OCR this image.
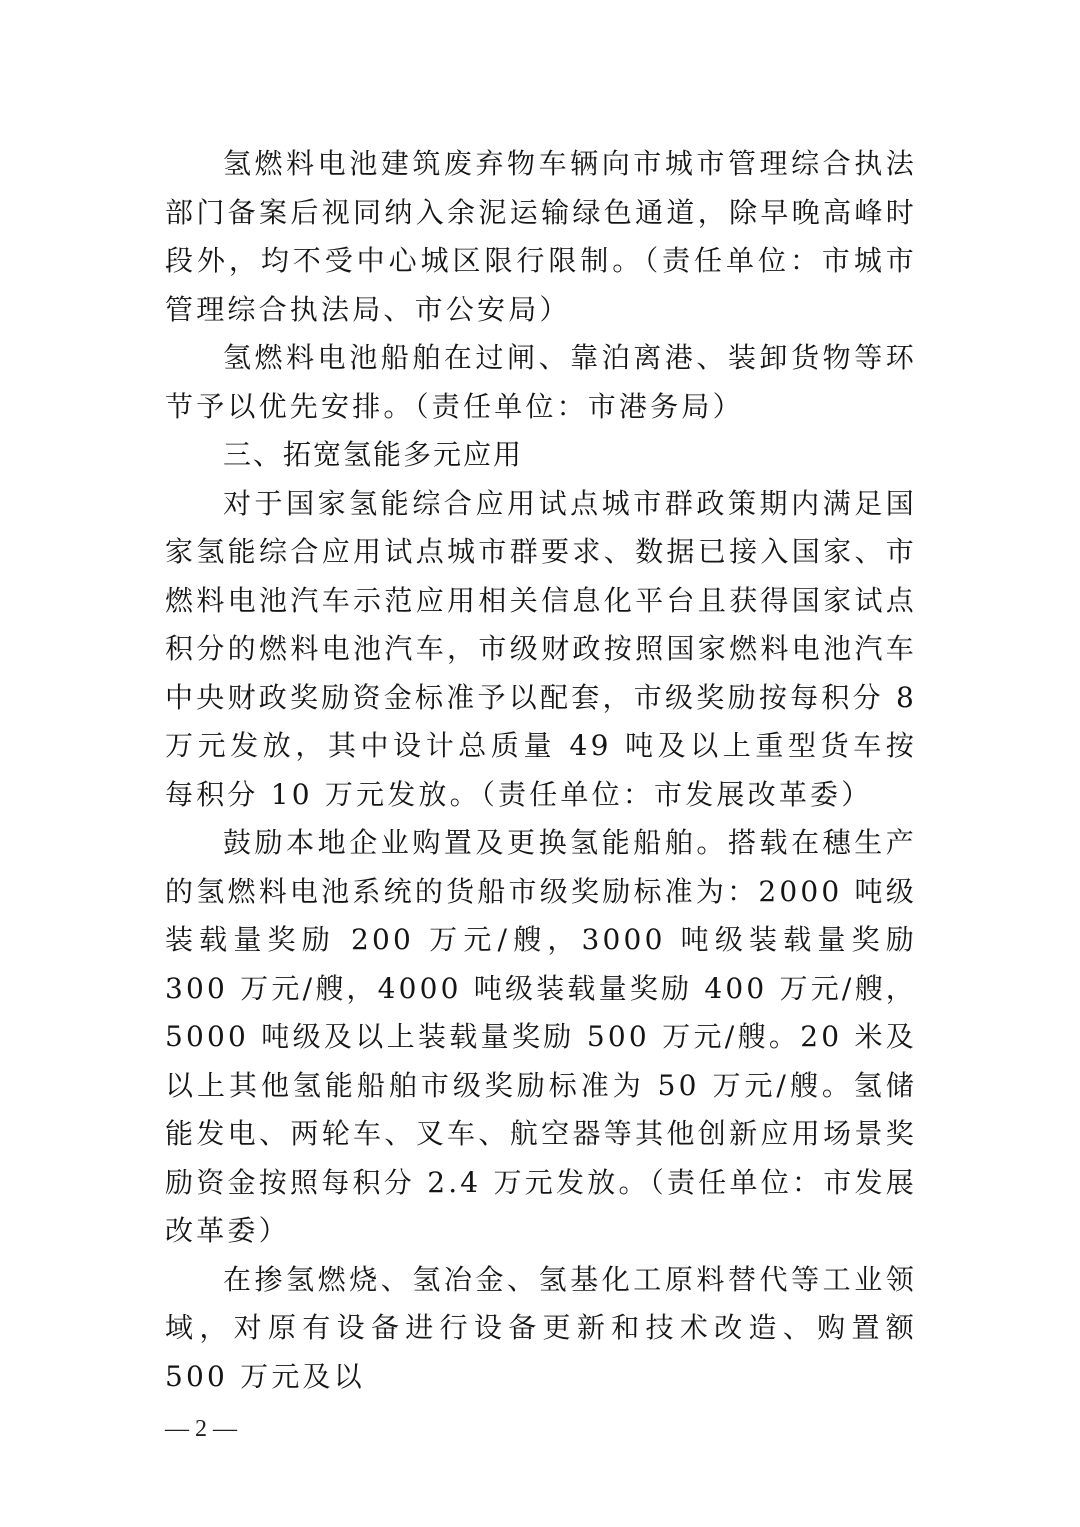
氢燃料电池建筑废弃物车辆向市城市管理综合执法部门备案后视同纳入余泥运输绿色通道，除早晚高峰时段外，均不受中心城区限行限制。（责任单位：市城市管理综合执法局、市公安局）

氢燃料电池船舶在过闸、靠泊离港、装卸货物等环节予以优先安排。（责任单位：市港务局）

三、拓宽氢能多元应用

对于国家氢能综合应用试点城市群政策期内满足国家氢能综合应用试点城市群要求、数据已接入国家、市燃料电池汽车示范应用相关信息化平台且获得国家试点积分的燃料电池汽车，市级财政按照国家燃料电池汽车中央财政奖励资金标准予以配套，市级奖励按每积分 8 万元发放，其中设计总质量 49 吨及以上重型货车按每积分 10 万元发放。（责任单位：市发展改革委）

鼓励本地企业购置及更换氢能船舶。搭载在穗生产的氢燃料电池系统的货船市级奖励标准为：2000 吨级装载量奖励 200 万元/艘，3000 吨级装载量奖励 300 万元/艘，4000 吨级装载量奖励 400 万元/艘，5000 吨级及以上装载量奖励 500 万元/艘。20 米及以上其他氢能船舶市级奖励标准为 50 万元/艘。氢储能发电、两轮车、叉车、航空器等其他创新应用场景奖励资金按照每积分 2.4 万元发放。（责任单位：市发展改革委）

在掺氢燃烧、氢冶金、氢基化工原料替代等工业领域，对原有设备进行设备更新和技术改造、购置额 500 万元及以

— 2 —
